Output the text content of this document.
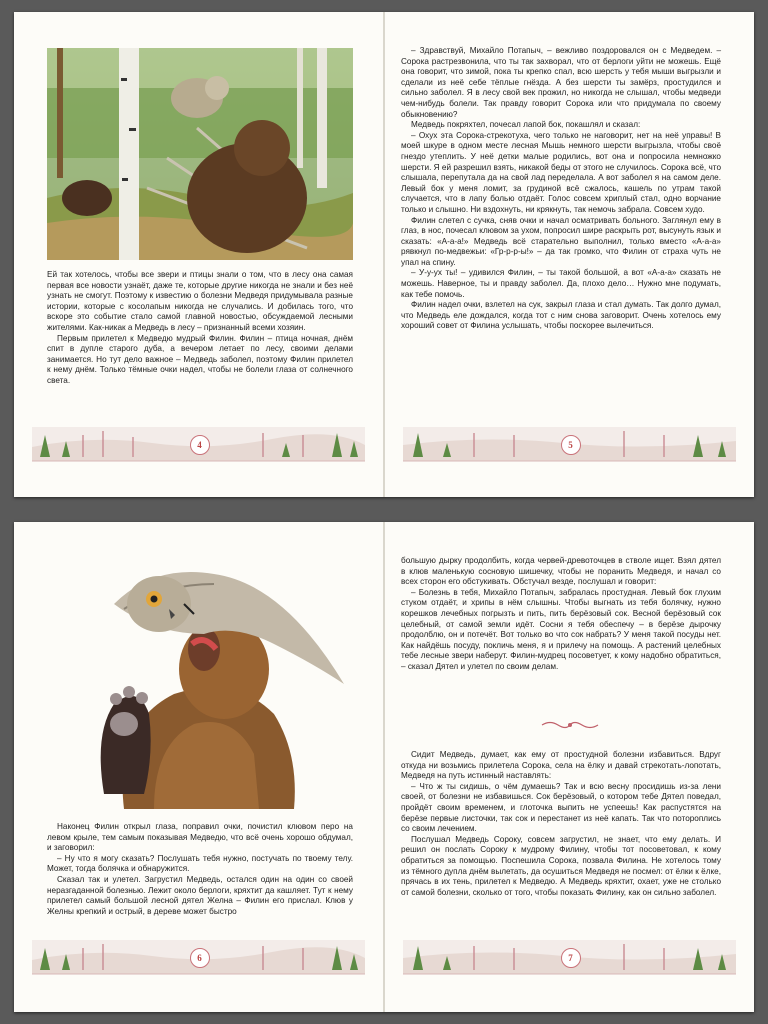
Ей так хотелось, чтобы все звери и птицы знали о том, что в лесу она самая первая все новости узнаёт, даже те, которые другие никогда не знали и без неё узнать не смогут. Поэтому к известию о болезни Медведя придумывала разные истории, которые с косолапым никогда не случались. И добилась того, что вскоре это событие стало самой главной новостью, обсуждаемой лесными жителями. Как-никак а Медведь в лесу – признанный всеми хозяин.

Первым прилетел к Медведю мудрый Филин. Филин – птица ночная, днём спит в дупле старого дуба, а вечером летает по лесу, своими делами занимается. Но тут дело важное – Медведь заболел, поэтому Филин прилетел к нему днём. Только тёмные очки надел, чтобы не болели глаза от солнечного света.

4

– Здравствуй, Михайло Потапыч, – вежливо поздоровался он с Медведем. – Сорока растрезвонила, что ты так захворал, что от берлоги уйти не можешь. Ещё она говорит, что зимой, пока ты крепко спал, всю шерсть у тебя мыши выгрызли и сделали из неё себе тёплые гнёзда. А без шерсти ты замёрз, простудился и сильно заболел. Я в лесу свой век прожил, но никогда не слышал, чтобы медведи чем-нибудь болели. Так правду говорит Сорока или что придумала по своему обыкновению?

Медведь покряхтел, почесал лапой бок, покашлял и сказал:

– Охух эта Сорока-стрекотуха, чего только не наговорит, нет на неё управы! В моей шкуре в одном месте лесная Мышь немного шерсти выгрызла, чтобы своё гнездо утеплить. У неё детки малые родились, вот она и попросила немножко шерсти. Я ей разрешил взять, никакой беды от этого не случилось. Сорока всё, что слышала, перепутала да на свой лад переделала. А вот заболел я на самом деле. Левый бок у меня ломит, за грудиной всё сжалось, кашель по утрам такой случается, что в лапу болью отдаёт. Голос совсем хриплый стал, одно ворчание только и слышно. Ни вздохнуть, ни крякнуть, так немочь забрала. Совсем худо.

Филин слетел с сучка, сняв очки и начал осматривать больного. Заглянул ему в глаз, в нос, почесал клювом за ухом, попросил шире раскрыть рот, высунуть язык и сказать: «А-а-а!» Медведь всё старательно выполнил, только вместо «А-а-а» рявкнул по-медвежьи: «Гр-р-р-ы!» – да так громко, что Филин от страха чуть не упал на спину.

– У-у-ух ты! – удивился Филин, – ты такой большой, а вот «А-а-а» сказать не можешь. Наверное, ты и правду заболел. Да, плохо дело… Нужно мне подумать, как тебе помочь.

Филин надел очки, взлетел на сук, закрыл глаза и стал думать. Так долго думал, что Медведь еле дождался, когда тот с ним снова заговорит. Очень хотелось ему хороший совет от Филина услышать, чтобы поскорее вылечиться.

5

Наконец Филин открыл глаза, поправил очки, почистил клювом перо на левом крыле, тем самым показывая Медведю, что всё очень хорошо обдумал, и заговорил:

– Ну что я могу сказать? Послушать тебя нужно, постучать по твоему телу. Может, тогда болячка и обнаружится.

Сказал так и улетел. Загрустил Медведь, остался один на один со своей неразгаданной болезнью. Лежит около берлоги, кряхтит да кашляет. Тут к нему прилетел самый большой лесной дятел Желна – Филин его прислал. Клюв у Желны крепкий и острый, в дереве может быстро

6

большую дырку продолбить, когда червей-древоточцев в стволе ищет. Взял дятел в клюв маленькую сосновую шишечку, чтобы не поранить Медведя, и начал со всех сторон его обстукивать. Обстучал везде, послушал и говорит:

– Болезнь в тебя, Михайло Потапыч, забралась простудная. Левый бок глухим стуком отдаёт, и хрипы в нём слышны. Чтобы выгнать из тебя болячку, нужно корешков лечебных погрызть и пить, пить берёзовый сок. Весной берёзовый сок целебный, от самой земли идёт. Сосни я тебя обеспечу – в берёзе дырочку продолблю, он и потечёт. Вот только во что сок набрать? У меня такой посуды нет. Как найдёшь посуду, покличь меня, я и прилечу на помощь. А растений целебных тебе лесные звери наберут. Филин-мудрец посоветует, к кому надобно обратиться, – сказал Дятел и улетел по своим делам.

Сидит Медведь, думает, как ему от простудной болезни избавиться. Вдруг откуда ни возьмись прилетела Сорока, села на ёлку и давай стрекотать-лопотать, Медведя на путь истинный наставлять:

– Что ж ты сидишь, о чём думаешь? Так и всю весну просидишь из-за лени своей, от болезни не избавишься. Сок берёзовый, о котором тебе Дятел поведал, пройдёт своим временем, и глоточка выпить не успеешь! Как распустятся на берёзе первые листочки, так сок и перестанет из неё капать. Так что потороплись со своим лечением.

Послушал Медведь Сороку, совсем загрустил, не знает, что ему делать. И решил он послать Сороку к мудрому Филину, чтобы тот посоветовал, к кому обратиться за помощью. Поспешила Сорока, позвала Филина. Не хотелось тому из тёмного дупла днём вылетать, да осушиться Медведя не посмел: от ёлки к ёлке, прячась в их тень, прилетел к Медведю. А Медведь кряхтит, охает, уже не столько от самой болезни, сколько от того, чтобы показать Филину, как он сильно заболел.

7
